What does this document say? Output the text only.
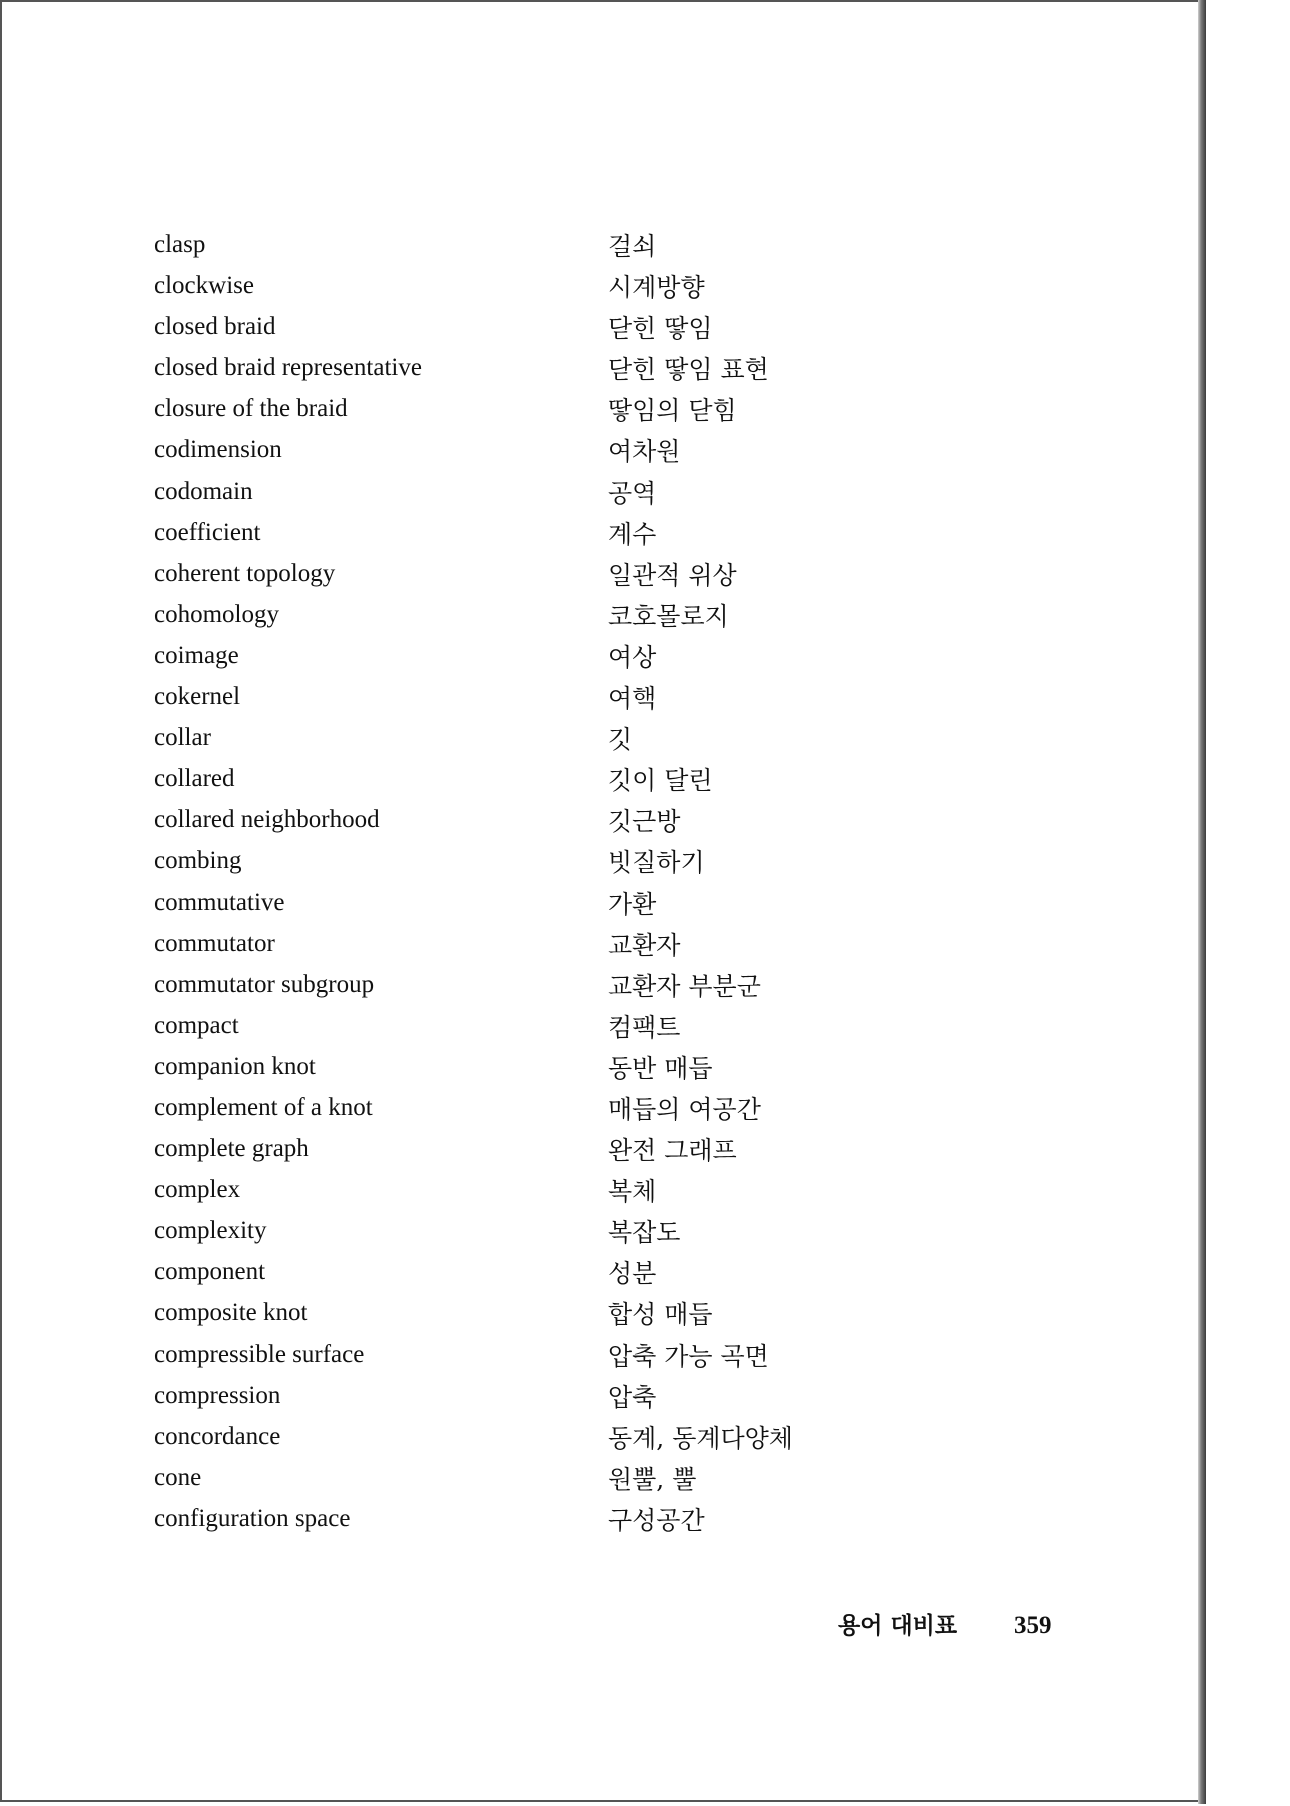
clasp	걸쇠
clockwise	시계방향
closed braid	닫힌 땋임
closed braid representative	닫힌 땋임 표현
closure of the braid	땋임의 닫힘
codimension	여차원
codomain	공역
coefficient	계수
coherent topology	일관적 위상
cohomology	코호몰로지
coimage	여상
cokernel	여핵
collar	깃
collared	깃이 달린
collared neighborhood	깃근방
combing	빗질하기
commutative	가환
commutator	교환자
commutator subgroup	교환자 부분군
compact	컴팩트
companion knot	동반 매듭
complement of a knot	매듭의 여공간
complete graph	완전 그래프
complex	복체
complexity	복잡도
component	성분
composite knot	합성 매듭
compressible surface	압축 가능 곡면
compression	압축
concordance	동계, 동계다양체
cone	원뿔, 뿔
configuration space	구성공간
용어 대비표 359
